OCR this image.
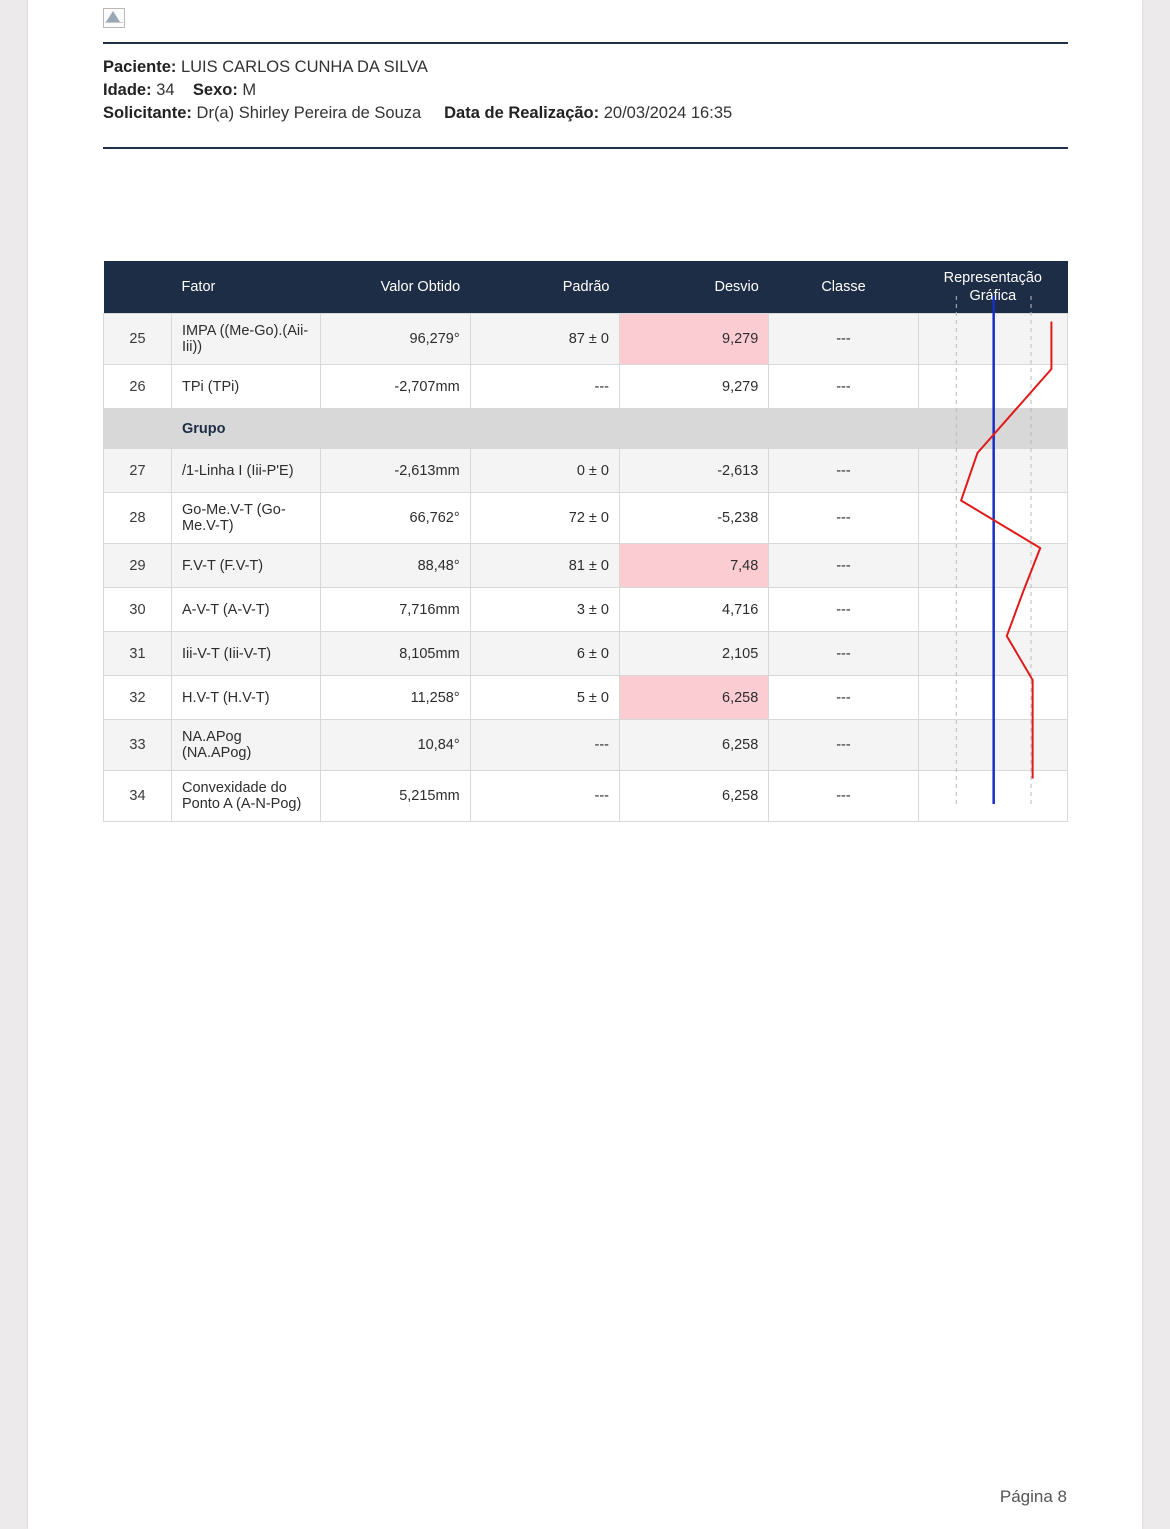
Paciente: LUIS CARLOS CUNHA DA SILVA
Idade: 34 Sexo: M
Solicitante: Dr(a) Shirley Pereira de Souza Data de Realização: 20/03/2024 16:35
	Fator	Valor Obtido	Padrão	Desvio	Classe	Representação
Gráfica
25	IMPA ((Me-Go).(Aii-Iii))	96,279°	87 ± 0	9,279	---	
26	TPi (TPi)	-2,707mm	---	9,279	---	
	Grupo					
27	/1-Linha I (Iii-P'E)	-2,613mm	0 ± 0	-2,613	---	
28	Go-Me.V-T (Go-Me.V-T)	66,762°	72 ± 0	-5,238	---	
29	F.V-T (F.V-T)	88,48°	81 ± 0	7,48	---	
30	A-V-T (A-V-T)	7,716mm	3 ± 0	4,716	---	
31	Iii-V-T (Iii-V-T)	8,105mm	6 ± 0	2,105	---	
32	H.V-T (H.V-T)	11,258°	5 ± 0	6,258	---	
33	NA.APog (NA.APog)	10,84°	---	6,258	---	
34	Convexidade do Ponto A (A-N-Pog)	5,215mm	---	6,258	---	

Página 8
